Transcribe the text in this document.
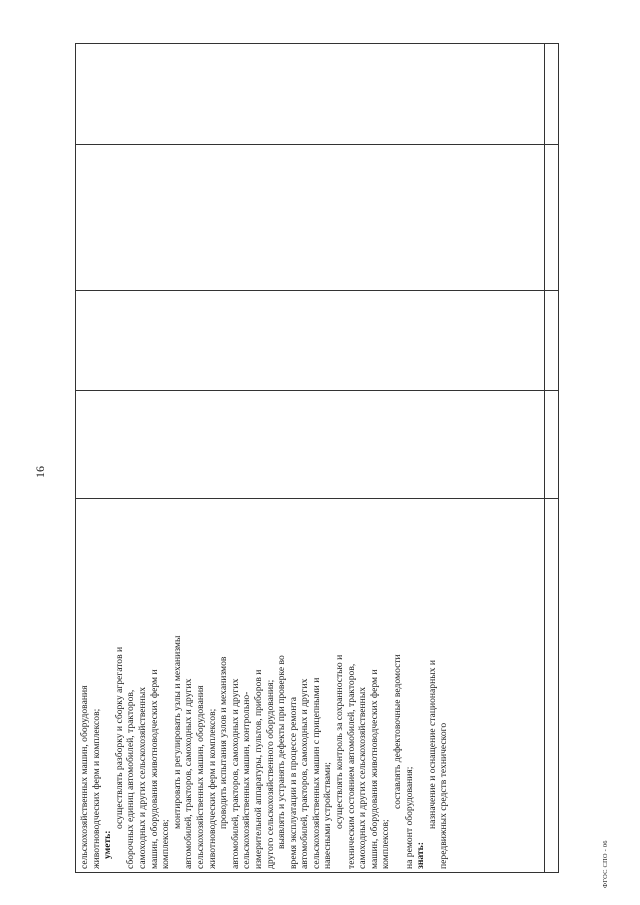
16
сельскохозяйственных машин, оборудования животноводческих ферм и комплексов; уметь:
осуществлять разборку и сборку агрегатов и сборочных единиц автомобилей, тракторов, самоходных и других сельскохозяйственных машин, оборудования животноводческих ферм и комплексов;
монтировать и регулировать узлы и механизмы автомобилей, тракторов, самоходных и других сельскохозяйственных машин, оборудования животноводческих ферм и комплексов; проводить испытания узлов и механизмов автомобилей, тракторов, самоходных и других сельскохозяйственных машин, контрольно- измерительной аппаратуры, пультов, приборов и другого сельскохозяйственного оборудования; выявлять и устранять дефекты при проверке во время эксплуатации и в процессе ремонта автомобилей, тракторов, самоходных и других сельскохозяйственных машин с прицепными и навесными устройствами; осуществлять контроль за сохранностью и техническим состоянием автомобилей, тракторов, самоходных и других сельскохозяйственных машин, оборудования животноводческих ферм и комплексов;
составлять дефектовочные ведомости
на ремонт оборудования; знать:
назначение и оснащение стационарных и передвижных средств технического	ФГОС СПО - 06
